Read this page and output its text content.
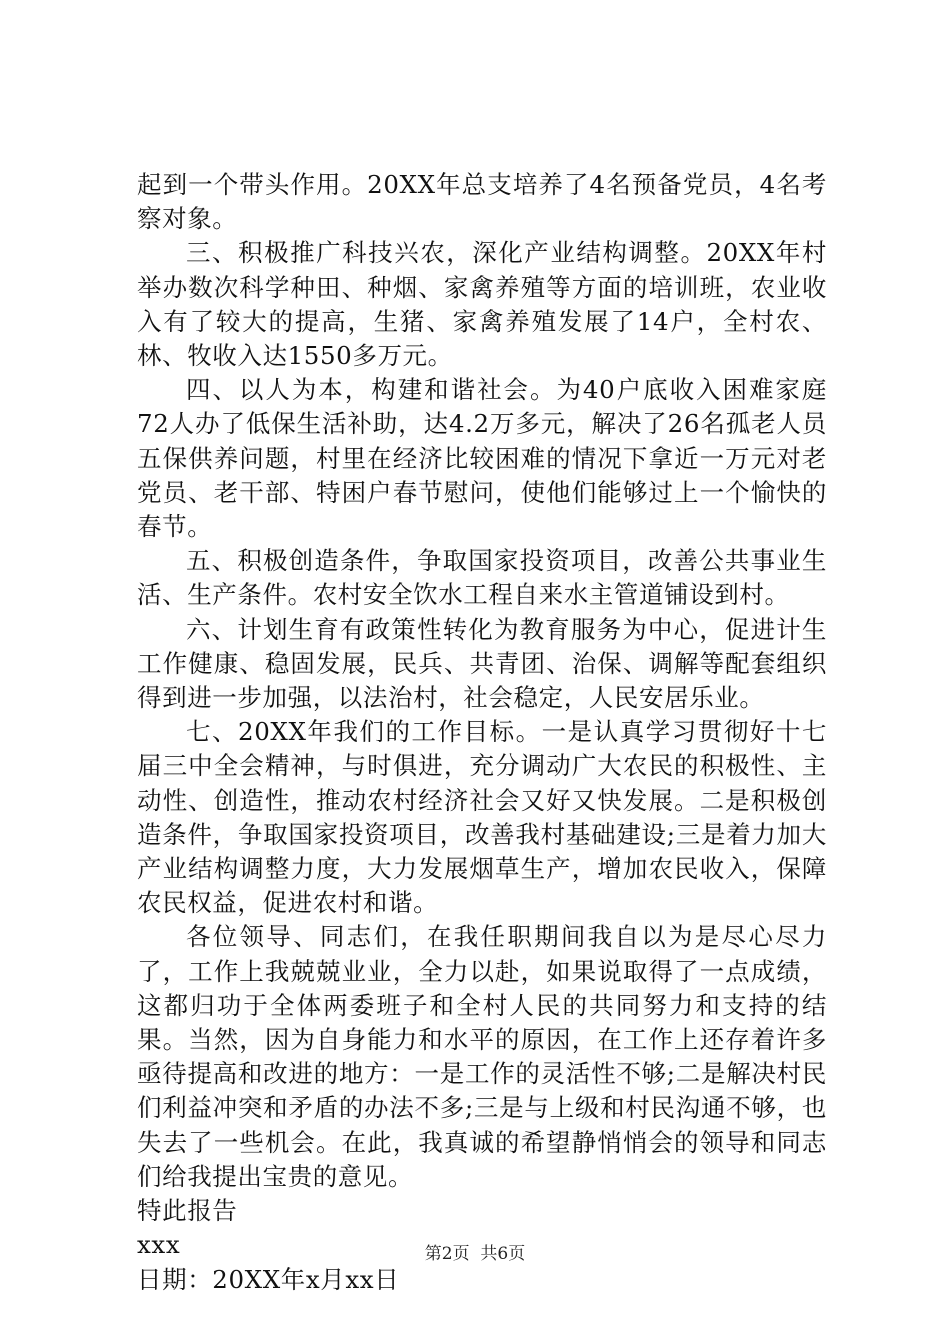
起到一个带头作用。20XX年总支培养了4名预备党员，4名考察对象。

三、积极推广科技兴农，深化产业结构调整。20XX年村举办数次科学种田、种烟、家禽养殖等方面的培训班，农业收入有了较大的提高，生猪、家禽养殖发展了14户，全村农、林、牧收入达1550多万元。

四、以人为本，构建和谐社会。为40户底收入困难家庭72人办了低保生活补助，达4.2万多元，解决了26名孤老人员五保供养问题，村里在经济比较困难的情况下拿近一万元对老党员、老干部、特困户春节慰问，使他们能够过上一个愉快的春节。

五、积极创造条件，争取国家投资项目，改善公共事业生活、生产条件。农村安全饮水工程自来水主管道铺设到村。

六、计划生育有政策性转化为教育服务为中心，促进计生工作健康、稳固发展，民兵、共青团、治保、调解等配套组织得到进一步加强，以法治村，社会稳定，人民安居乐业。

七、20XX年我们的工作目标。一是认真学习贯彻好十七届三中全会精神，与时俱进，充分调动广大农民的积极性、主动性、创造性，推动农村经济社会又好又快发展。二是积极创造条件，争取国家投资项目，改善我村基础建设;三是着力加大产业结构调整力度，大力发展烟草生产，增加农民收入，保障农民权益，促进农村和谐。

各位领导、同志们，在我任职期间我自以为是尽心尽力了，工作上我兢兢业业，全力以赴，如果说取得了一点成绩，这都归功于全体两委班子和全村人民的共同努力和支持的结果。当然，因为自身能力和水平的原因，在工作上还存着许多亟待提高和改进的地方：一是工作的灵活性不够;二是解决村民们利益冲突和矛盾的办法不多;三是与上级和村民沟通不够，也失去了一些机会。在此，我真诚的希望静悄悄会的领导和同志们给我提出宝贵的意见。

特此报告

xxx

日期：20XX年x月xx日

第2页  共6页
